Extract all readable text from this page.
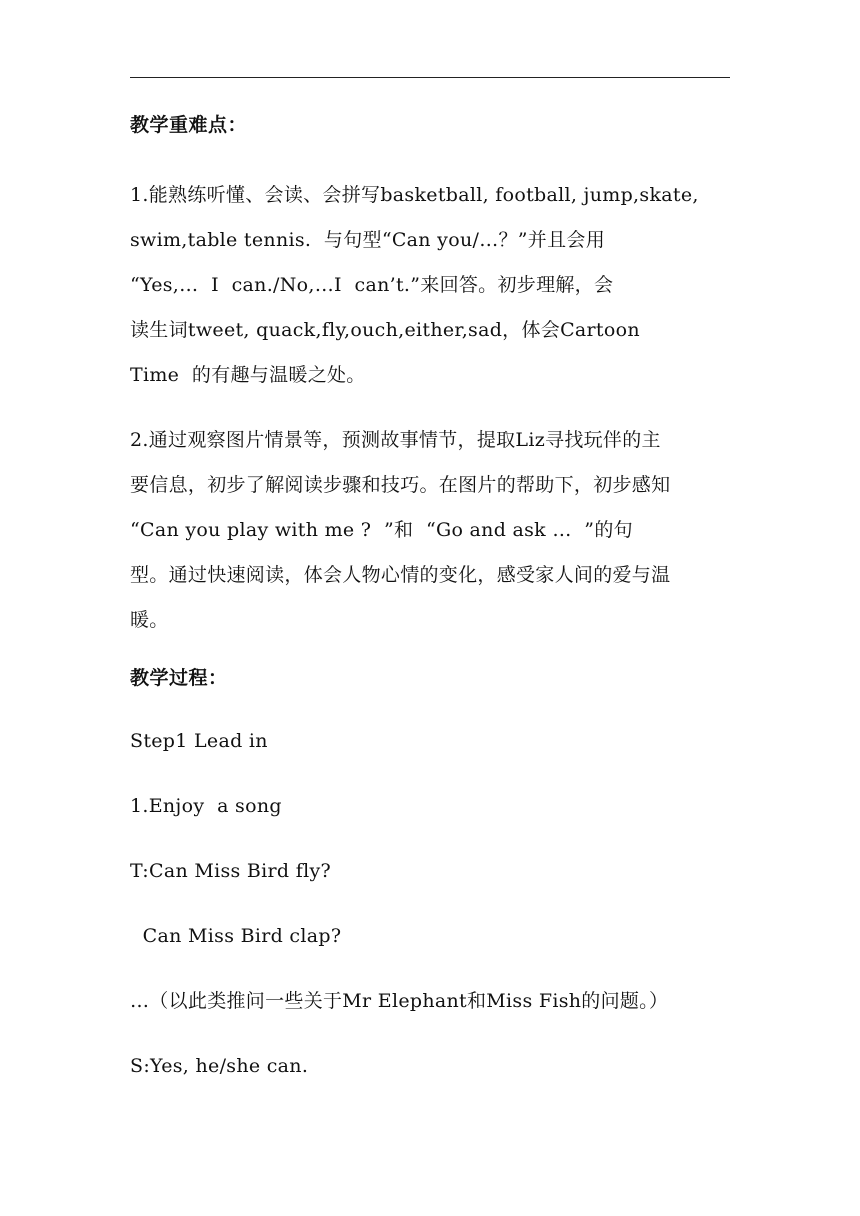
教学重难点：

1.能熟练听懂、会读、会拼写basketball, football, jump,skate,
swim,table tennis.  与句型“Can you/…？”并且会用
“Yes,…  I  can./No,…I  can’t.”来回答。初步理解，会
读生词tweet, quack,fly,ouch,either,sad，体会Cartoon
Time  的有趣与温暖之处。

2.通过观察图片情景等，预测故事情节，提取Liz寻找玩伴的主
要信息，初步了解阅读步骤和技巧。在图片的帮助下，初步感知
“Can you play with me ?  ”和  “Go and ask …  ”的句
型。通过快速阅读，体会人物心情的变化，感受家人间的爱与温
暖。

教学过程：

Step1 Lead in

1.Enjoy  a song

T:Can Miss Bird fly?

Can Miss Bird clap?

…（以此类推问一些关于Mr Elephant和Miss Fish的问题。）

S:Yes, he/she can.
